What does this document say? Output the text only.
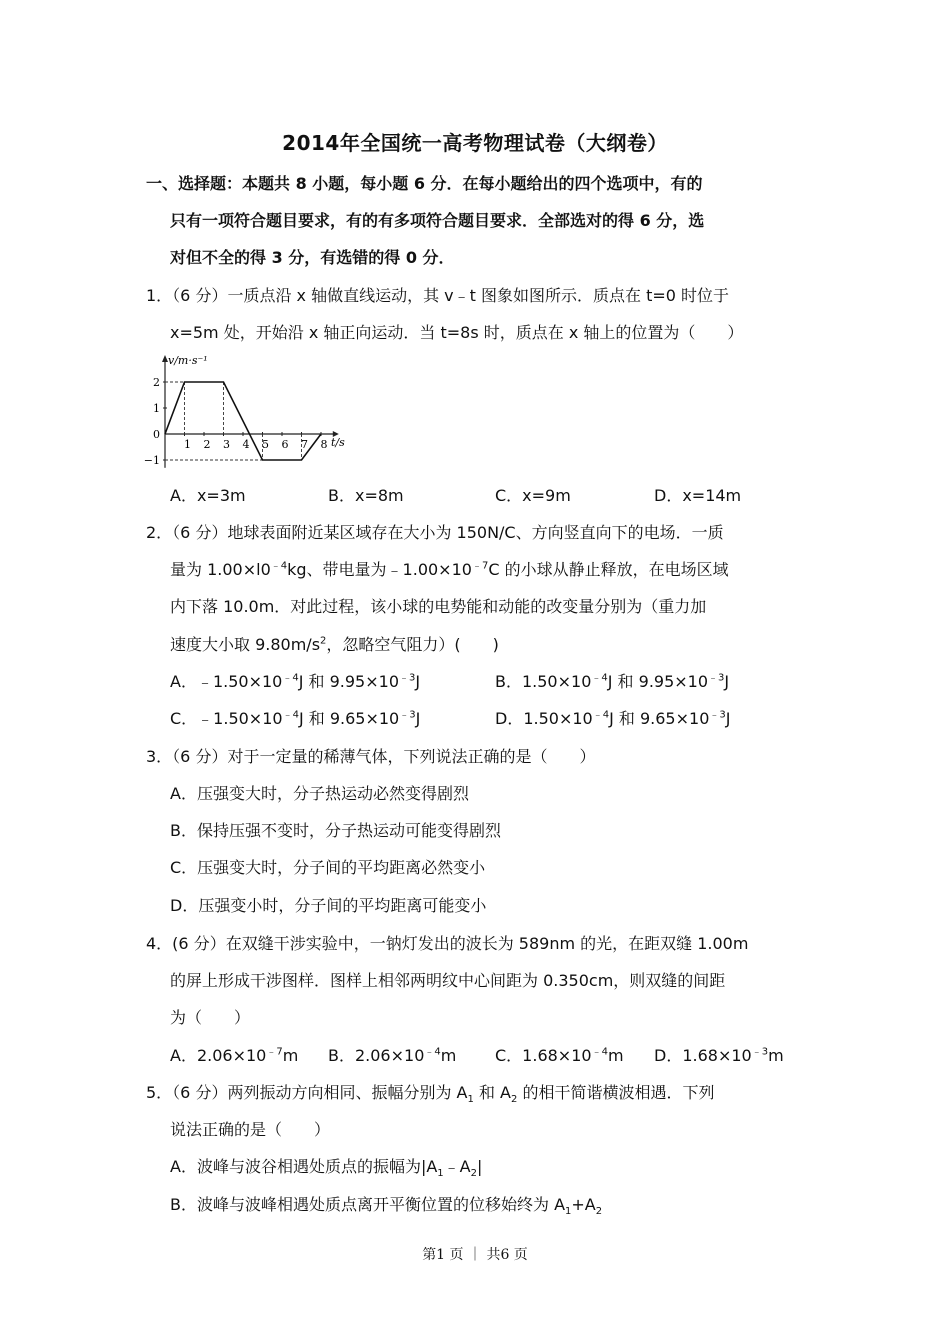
2014年全国统一高考物理试卷（大纲卷）
一、选择题：本题共 8 小题，每小题 6 分．在每小题给出的四个选项中，有的
只有一项符合题目要求，有的有多项符合题目要求．全部选对的得 6 分，选
对但不全的得 3 分，有选错的得 0 分．
1．（6 分）一质点沿 x 轴做直线运动，其 v﹣t 图象如图所示．质点在 t=0 时位于
x=5m 处，开始沿 x 轴正向运动．当 t=8s 时，质点在 x 轴上的位置为（　　）
v/m·s⁻¹
t/s
2
1
0
−1
1 2 3 4 5 6 7 8
A．x=3m	B．x=8m	C．x=9m	D．x=14m
2．（6 分）地球表面附近某区域存在大小为 150N/C、方向竖直向下的电场．一质
量为 $1.00\times l0^{﹣4}kg$、带电量为$﹣1.00\times 10^{﹣7}C$ 的小球从静止释放，在电场区域
内下落 10.0m．对此过程，该小球的电势能和动能的改变量分别为（重力加
速度大小取 $9.80m/s^2$，忽略空气阻力）(　　)
A．$﹣1.50\times 10^{﹣4}J$ 和 $9.95\times 10^{﹣3}J$	B．$1.50\times 10^{﹣4}J$ 和 $9.95\times 10^{﹣3}J$
C．$﹣1.50\times 10^{﹣4}J$ 和 $9.65\times 10^{﹣3}J$	D．$1.50\times 10^{﹣4}J$ 和 $9.65\times 10^{﹣3}J$
3．（6 分）对于一定量的稀薄气体，下列说法正确的是（　　）
A．压强变大时，分子热运动必然变得剧烈
B．保持压强不变时，分子热运动可能变得剧烈
C．压强变大时，分子间的平均距离必然变小
D．压强变小时，分子间的平均距离可能变小
4．(6 分）在双缝干涉实验中，一钠灯发出的波长为 589nm 的光，在距双缝 1.00m
的屏上形成干涉图样．图样上相邻两明纹中心间距为 0.350cm，则双缝的间距
为（　　）
A．$2.06\times 10^{﹣7}m$ B．$2.06\times 10^{﹣4}m$ C．$1.68\times 10^{﹣4}m$ D．$1.68\times 10^{﹣3}m$
5．（6 分）两列振动方向相同、振幅分别为 $A_1$ 和 $A_2$ 的相干简谐横波相遇．下列
说法正确的是（　　）
A．波峰与波谷相遇处质点的振幅为$|A_1﹣A_2|$
B．波峰与波峰相遇处质点离开平衡位置的位移始终为 $A_1+A_2$
第1 页 ｜ 共6 页
